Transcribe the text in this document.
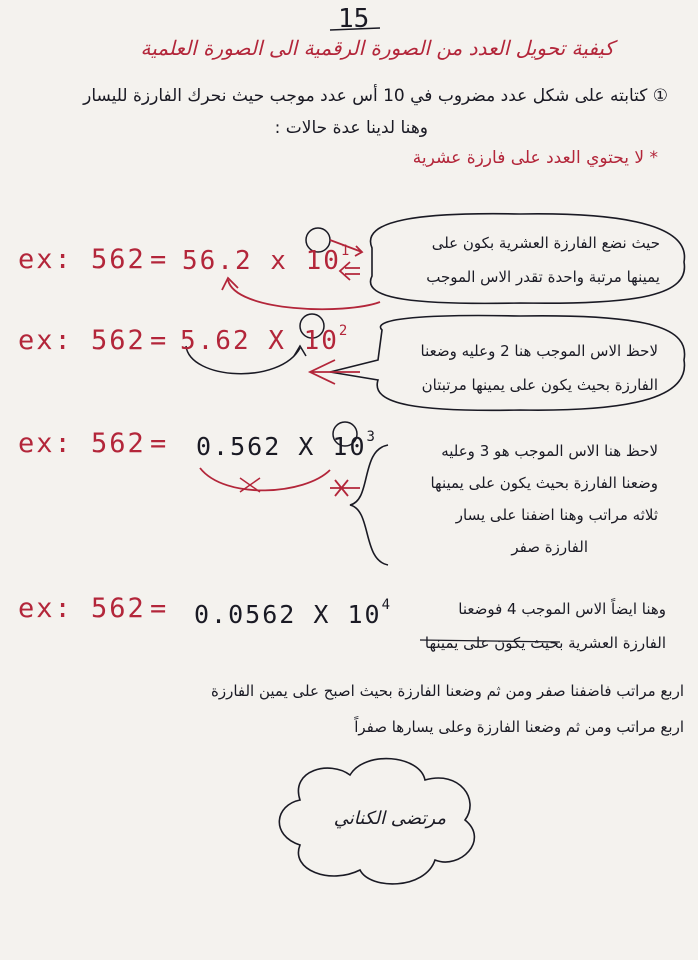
15
كيفية تحويل العدد من الصورة الرقمية الى الصورة العلمية
① كتابته على شكل عدد مضروب في 10 أس عدد موجب حيث نحرك الفارزة لليسار
وهنا لدينا عدة حالات :
* لا يحتوي العدد على فارزة عشرية
ex: 562 = 56.2 x $10^1$	حيث نضع الفارزة العشرية بكون على
يمينها مرتبة واحدة تقدر الاس الموجب
ex: 562 = 5.62 X $10^2$
لاحظ الاس الموجب هنا 2 وعليه وضعنا
الفارزة بحيث يكون على يمينها مرتبتان
ex: 562 = 0.562 X $10^3$
لاحظ هنا الاس الموجب هو 3 وعليه
وضعنا الفارزة بحيث يكون على يمينها
ثلاثه مراتب وهنا اضفنا على يسار
الفارزة صفر
ex: 562 = 0.0562 X $10^4$	وهنا ايضاً الاس الموجب 4 فوضعنا
الفارزة العشرية بحيث يكون على يمينها
اربع مراتب فاضفنا صفر ومن ثم وضعنا الفارزة بحيث اصبح على يمين الفارزة
اربع مراتب ومن ثم وضعنا الفارزة وعلى يسارها صفراً
مرتضى الكناني
